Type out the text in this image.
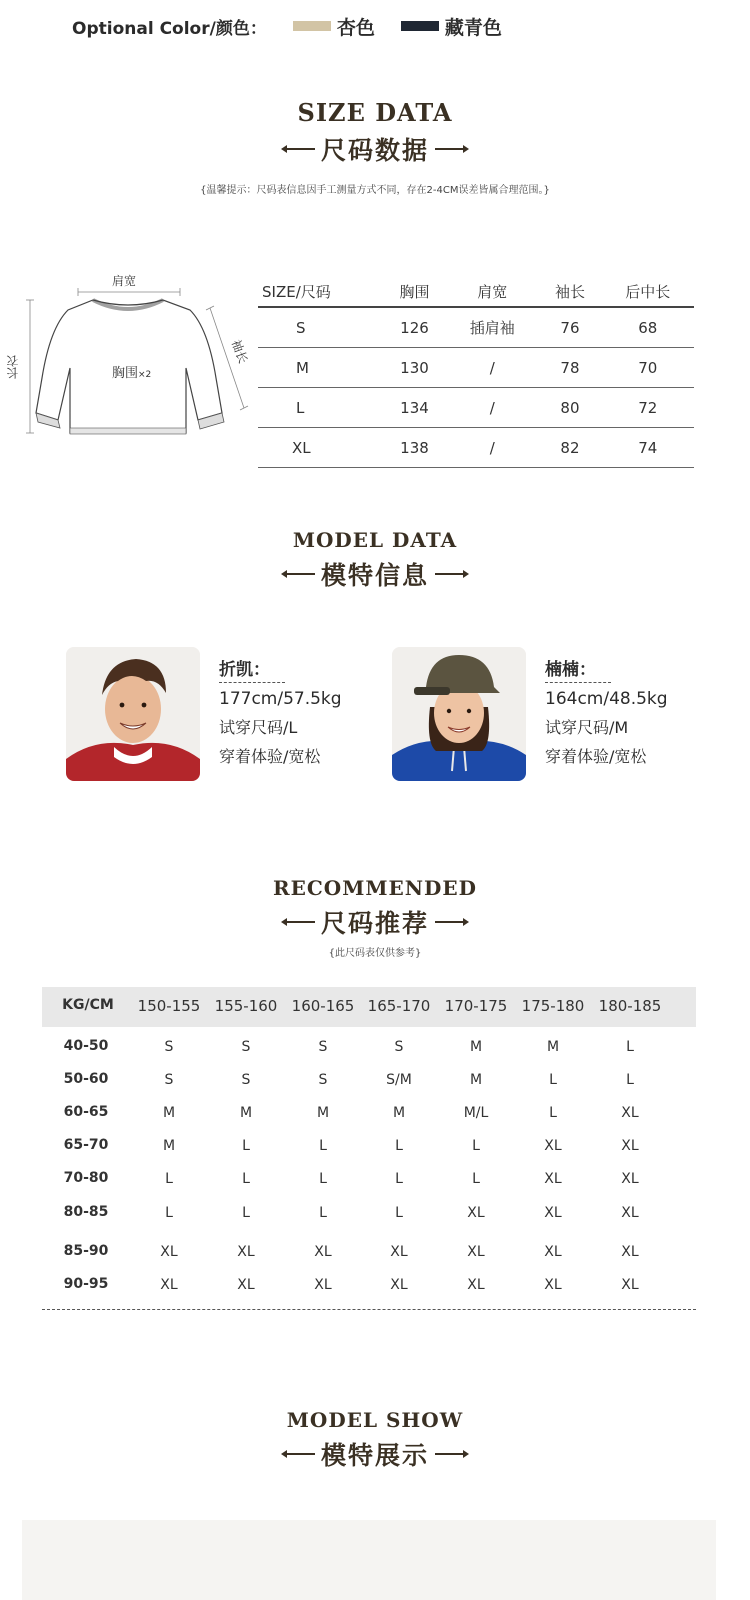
Optional Color/颜色：	杏色	藏青色
SIZE DATA
尺码数据
{温馨提示：尺码表信息因手工测量方式不同，存在2-4CM误差皆属合理范围。}
肩宽
长衣
袖长
胸围×2
SIZE/尺码	胸围	肩宽	袖长	后中长
S	126	插肩袖	76	68
M	130	/	78	70
L	134	/	80	72
XL	138	/	82	74
MODEL DATA
模特信息
折凯：
177cm/57.5kg
试穿尺码/L
穿着体验/宽松
楠楠：
164cm/48.5kg
试穿尺码/M
穿着体验/宽松
RECOMMENDED
尺码推荐
{此尺码表仅供参考}
KG/CM	150-155 155-160 160-165 165-170 170-175 175-180 180-185
40-50	S	S	S	S	M	M	L
50-60	S	S	S	S/M	M	L	L
60-65	M	M	M	M	M/L	L	XL
65-70	M	L	L	L	L	XL	XL
70-80	L	L	L	L	L	XL	XL
80-85	L	L	L	L	XL	XL	XL
85-90	XL	XL	XL	XL	XL	XL	XL
90-95	XL	XL	XL	XL	XL	XL	XL
MODEL SHOW
模特展示
